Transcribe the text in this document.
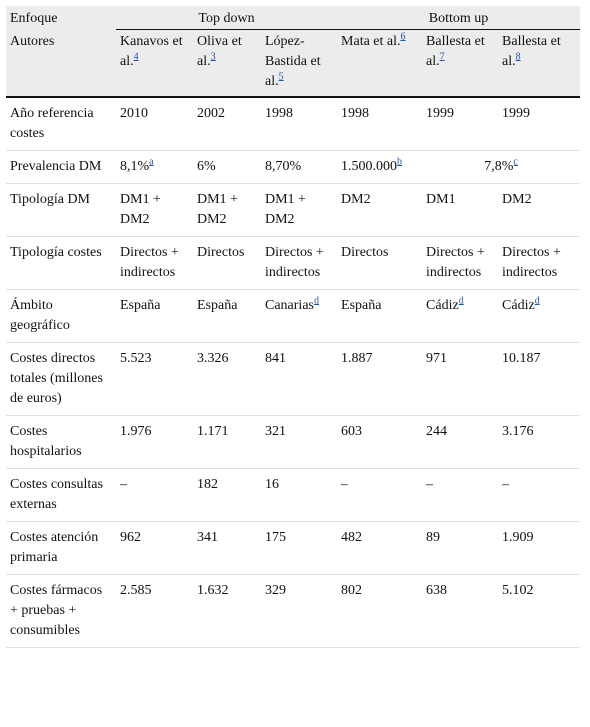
Enfoque	Top down			Bottom up		
Autores	Kanavos et al.$^4$	Oliva et al.$^3$	López-Bastida et al.$^5$	Mata et al.$^6$	Ballesta et al.$^7$	Ballesta et al.$^8$
Año referencia costes	2010	2002	1998	1998	1999	1999
Prevalencia DM	8,1%$^a$	6%	8,70%	1.500.000$^b$	7,8%$^c$
Tipología DM	DM1 + DM2	DM1 + DM2	DM1 + DM2	DM2	DM1	DM2
Tipología costes	Directos + indirectos	Directos	Directos + indirectos	Directos	Directos + indirectos	Directos + indirectos
Ámbito geográfico	España	España	Canarias$^d$	España	Cádiz$^d$	Cádiz$^d$
Costes directos totales (millones de euros)	5.523	3.326	841	1.887	971	10.187
Costes hospitalarios	1.976	1.171	321	603	244	3.176
Costes consultas externas	–	182	16	–	–	–
Costes atención primaria	962	341	175	482	89	1.909
Costes fármacos + pruebas + consumibles	2.585	1.632	329	802	638	5.102
